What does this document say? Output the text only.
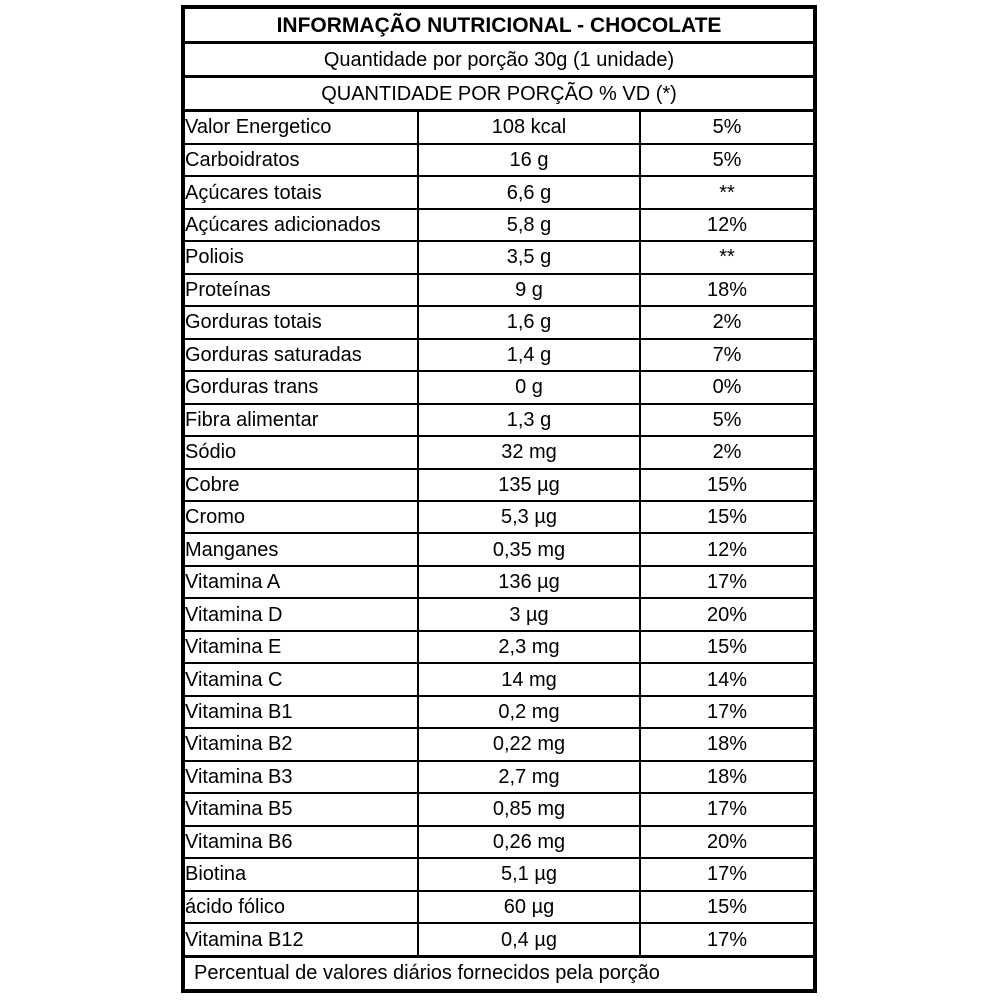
INFORMAÇÃO NUTRICIONAL - CHOCOLATE		
Quantidade por porção 30g (1 unidade)		
QUANTIDADE POR PORÇÃO % VD (*)		
Valor Energetico	108 kcal	5%
Carboidratos	16 g	5%
Açúcares totais	6,6 g	**
Açúcares adicionados	5,8 g	12%
Poliois	3,5 g	**
Proteínas	9 g	18%
Gorduras totais	1,6 g	2%
Gorduras saturadas	1,4 g	7%
Gorduras trans	0 g	0%
Fibra alimentar	1,3 g	5%
Sódio	32 mg	2%
Cobre	135 µg	15%
Cromo	5,3 µg	15%
Manganes	0,35 mg	12%
Vitamina A	136 µg	17%
Vitamina D	3 µg	20%
Vitamina E	2,3 mg	15%
Vitamina C	14 mg	14%
Vitamina B1	0,2 mg	17%
Vitamina B2	0,22 mg	18%
Vitamina B3	2,7 mg	18%
Vitamina B5	0,85 mg	17%
Vitamina B6	0,26 mg	20%
Biotina	5,1 µg	17%
ácido fólico	60 µg	15%
Vitamina B12	0,4 µg	17%
Percentual de valores diários fornecidos pela porção		
